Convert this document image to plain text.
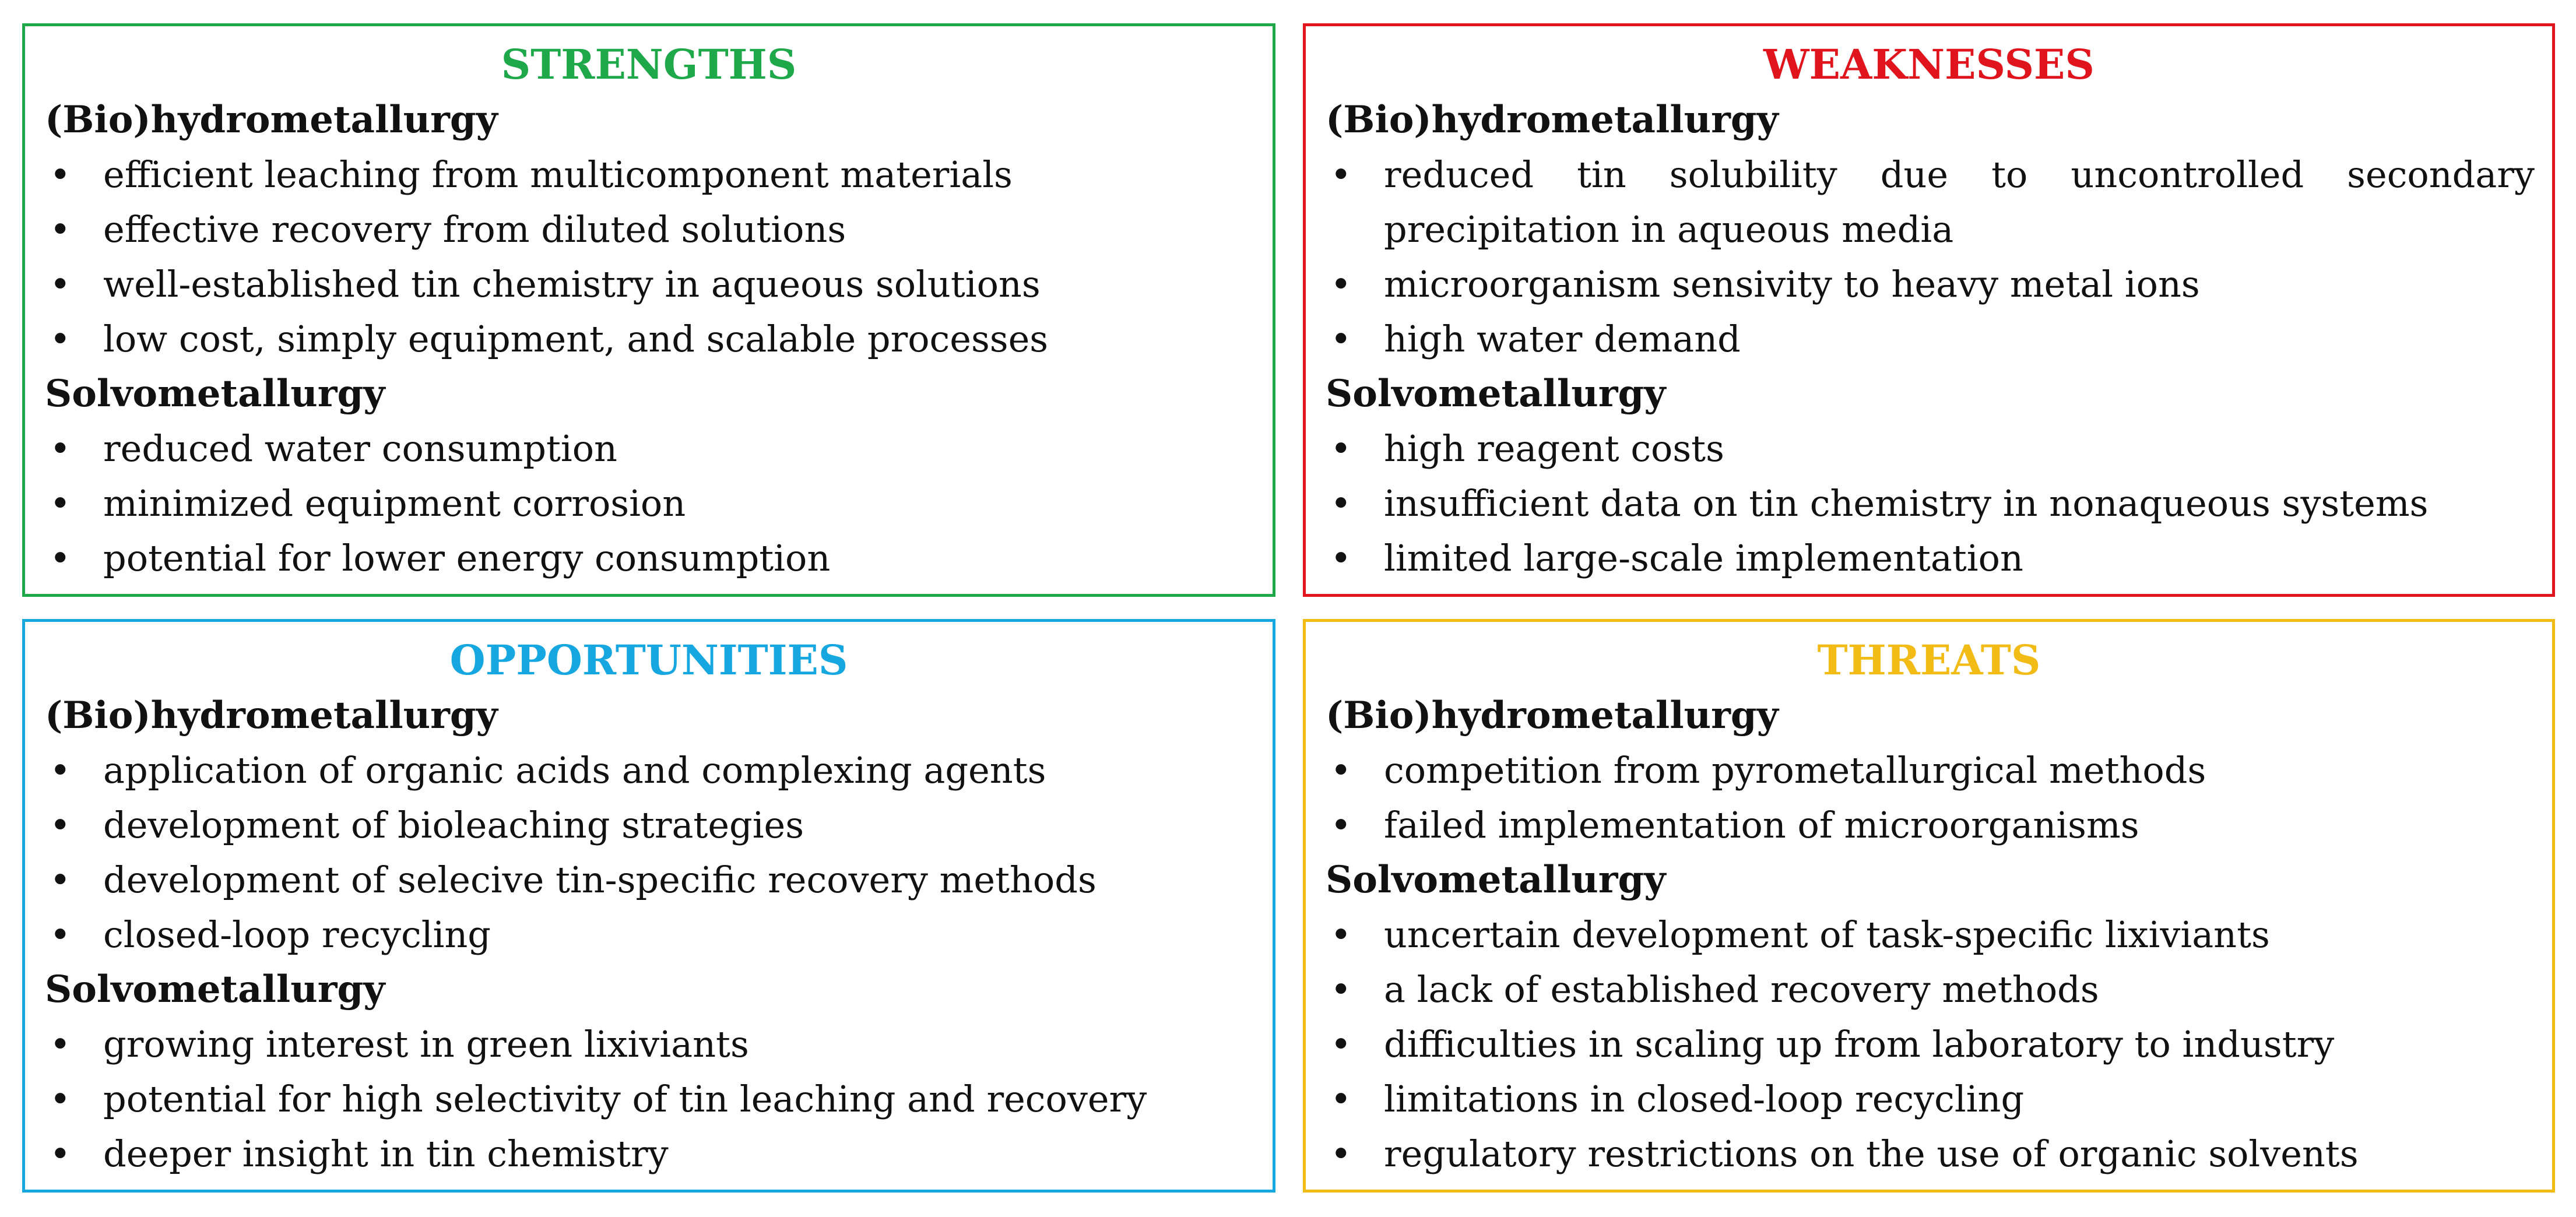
STRENGTHS
(Bio)hydrometallurgy
• efficient leaching from multicomponent materials
• effective recovery from diluted solutions
• well-established tin chemistry in aqueous solutions
• low cost, simply equipment, and scalable processes
Solvometallurgy
• reduced water consumption
• minimized equipment corrosion
• potential for lower energy consumption
WEAKNESSES
(Bio)hydrometallurgy
• reduced tin solubility due to uncontrolled secondary precipitation in aqueous media
• microorganism sensivity to heavy metal ions
• high water demand
Solvometallurgy
• high reagent costs
• insufficient data on tin chemistry in nonaqueous systems
• limited large-scale implementation
OPPORTUNITIES
(Bio)hydrometallurgy
• application of organic acids and complexing agents
• development of bioleaching strategies
• development of selecive tin-specific recovery methods
• closed-loop recycling
Solvometallurgy
• growing interest in green lixiviants
• potential for high selectivity of tin leaching and recovery
• deeper insight in tin chemistry
THREATS
(Bio)hydrometallurgy
• competition from pyrometallurgical methods
• failed implementation of microorganisms
Solvometallurgy
• uncertain development of task-specific lixiviants
• a lack of established recovery methods
• difficulties in scaling up from laboratory to industry
• limitations in closed-loop recycling
• regulatory restrictions on the use of organic solvents
